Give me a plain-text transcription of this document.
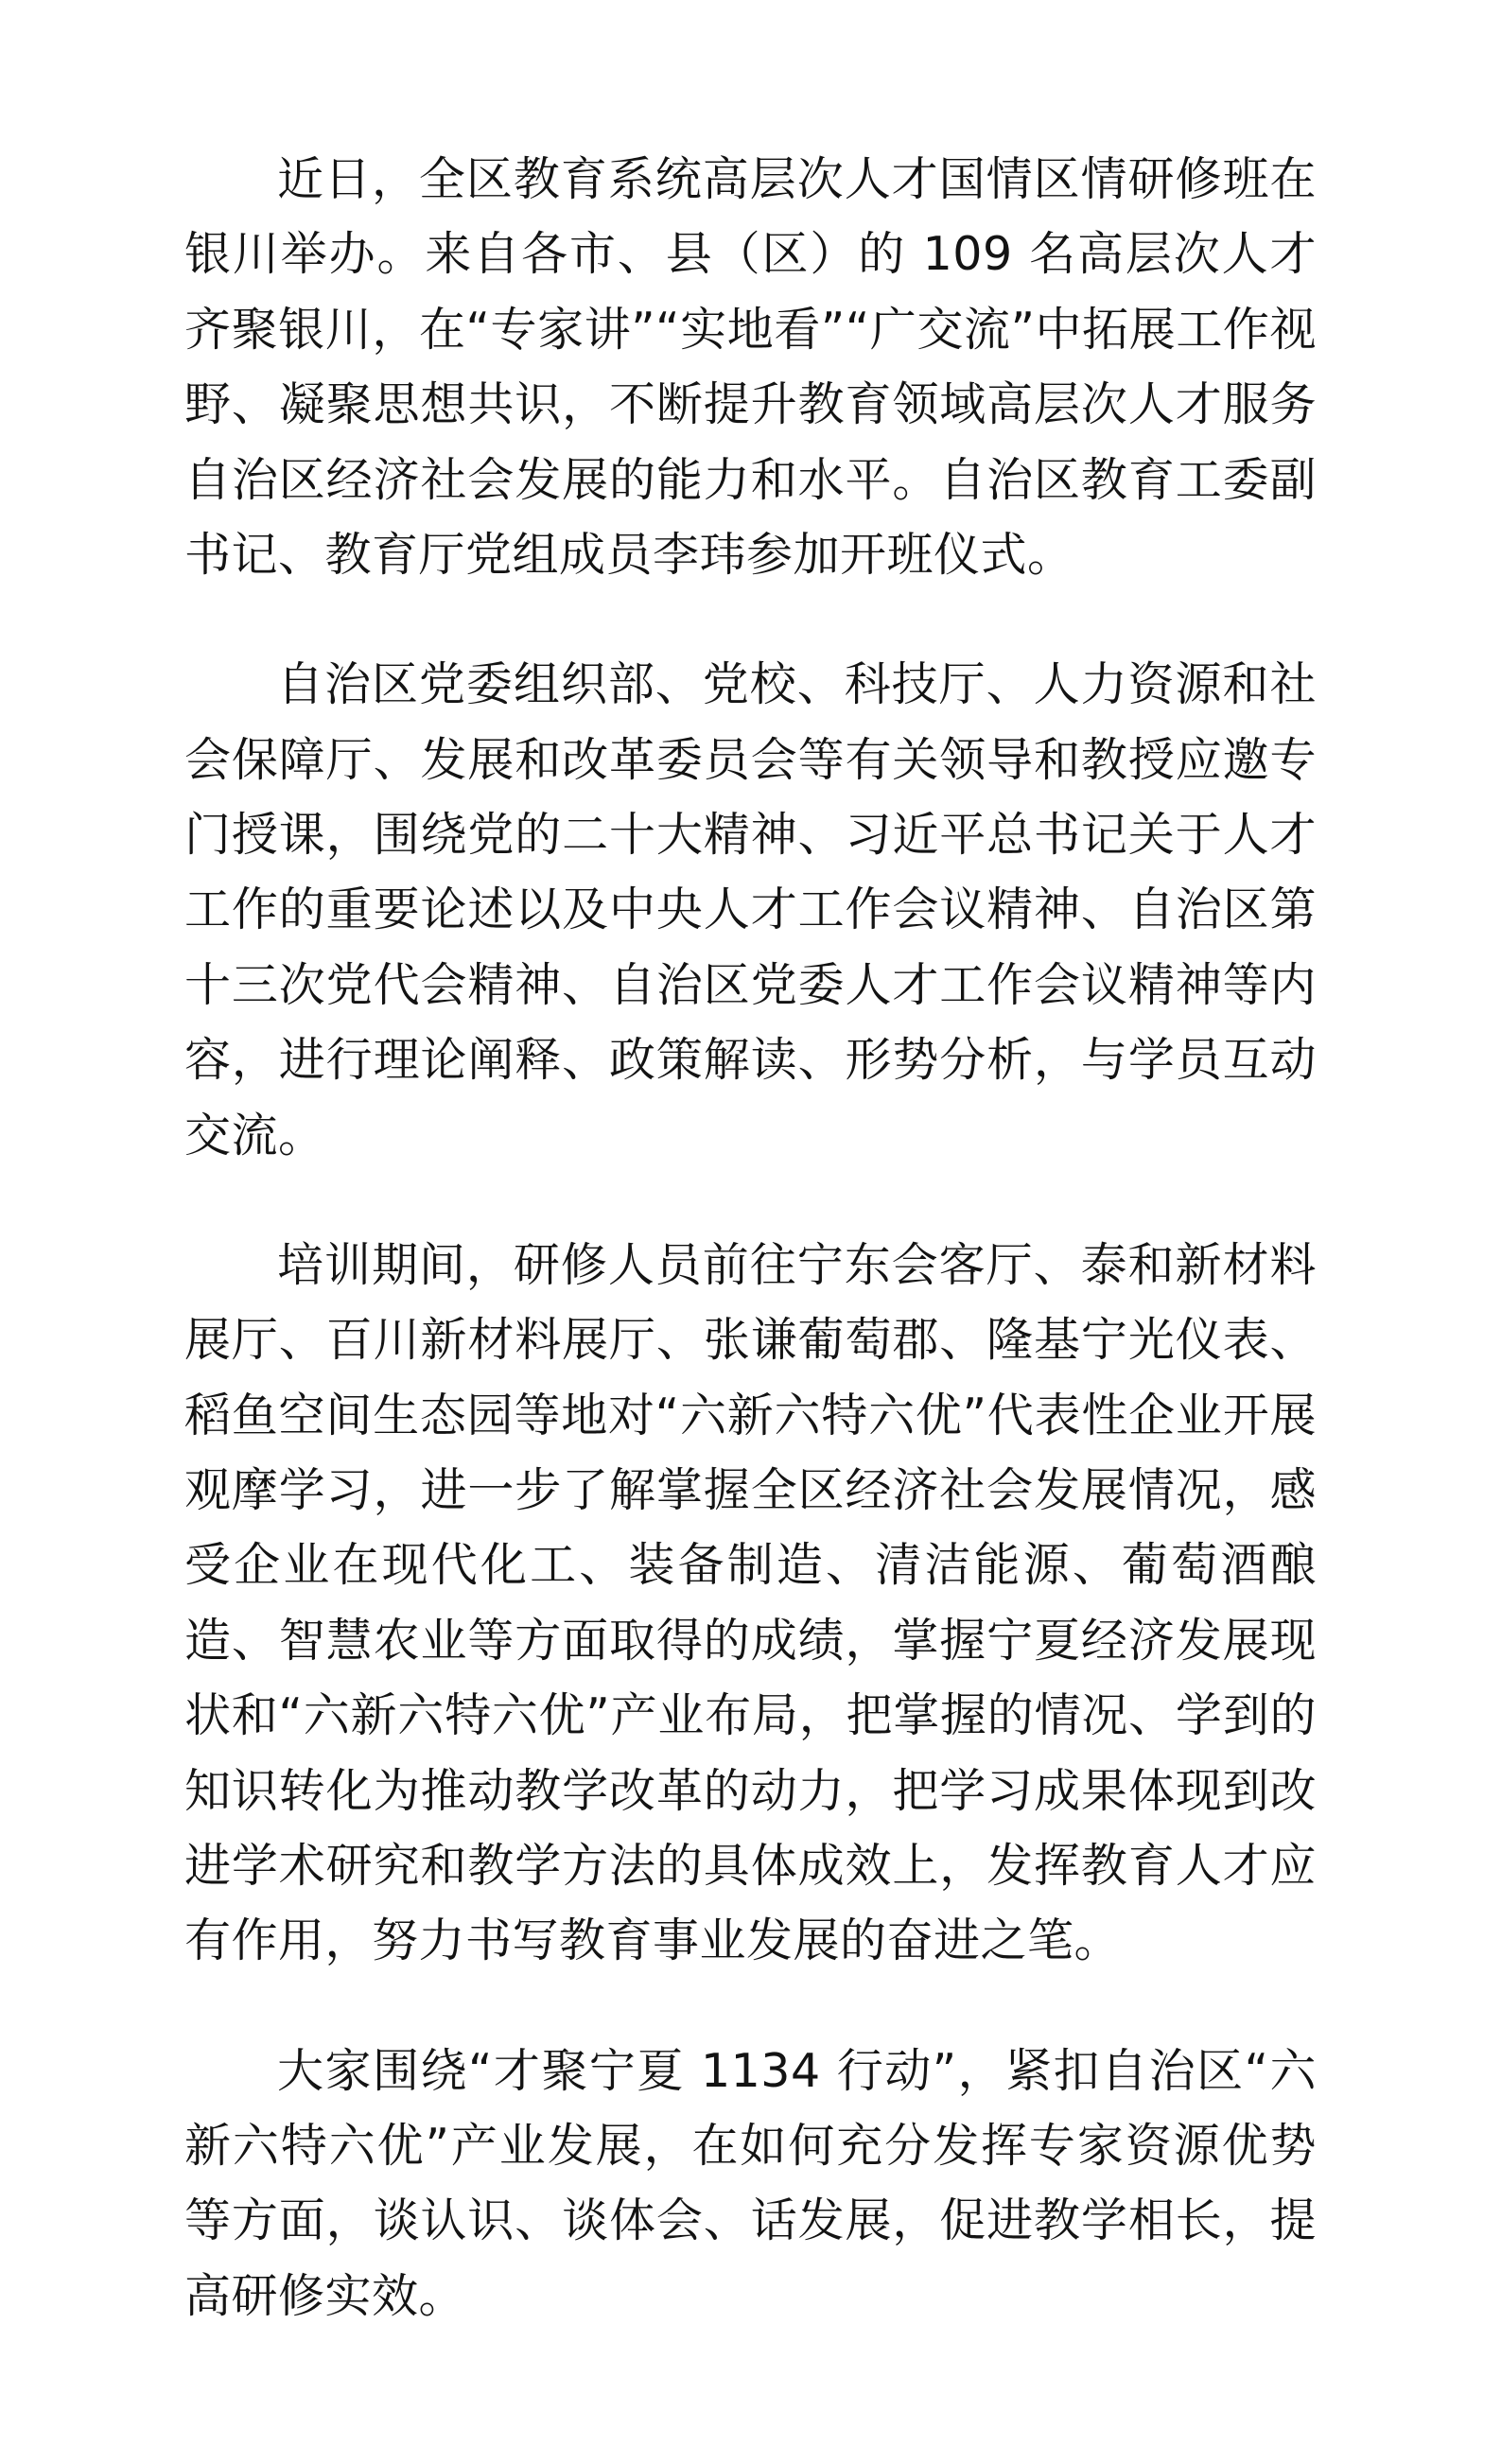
近日，全区教育系统高层次人才国情区情研修班在银川举办。来自各市、县（区）的 109 名高层次人才齐聚银川，在“专家讲”“实地看”“广交流”中拓展工作视野、凝聚思想共识，不断提升教育领域高层次人才服务自治区经济社会发展的能力和水平。自治区教育工委副书记、教育厅党组成员李玮参加开班仪式。

自治区党委组织部、党校、科技厅、人力资源和社会保障厅、发展和改革委员会等有关领导和教授应邀专门授课，围绕党的二十大精神、习近平总书记关于人才工作的重要论述以及中央人才工作会议精神、自治区第十三次党代会精神、自治区党委人才工作会议精神等内容，进行理论阐释、政策解读、形势分析，与学员互动交流。

培训期间，研修人员前往宁东会客厅、泰和新材料展厅、百川新材料展厅、张谦葡萄郡、隆基宁光仪表、稻鱼空间生态园等地对“六新六特六优”代表性企业开展观摩学习，进一步了解掌握全区经济社会发展情况，感受企业在现代化工、装备制造、清洁能源、葡萄酒酿造、智慧农业等方面取得的成绩，掌握宁夏经济发展现状和“六新六特六优”产业布局，把掌握的情况、学到的知识转化为推动教学改革的动力，把学习成果体现到改进学术研究和教学方法的具体成效上，发挥教育人才应有作用，努力书写教育事业发展的奋进之笔。

大家围绕“才聚宁夏 1134 行动”，紧扣自治区“六新六特六优”产业发展，在如何充分发挥专家资源优势等方面，谈认识、谈体会、话发展，促进教学相长，提高研修实效。
